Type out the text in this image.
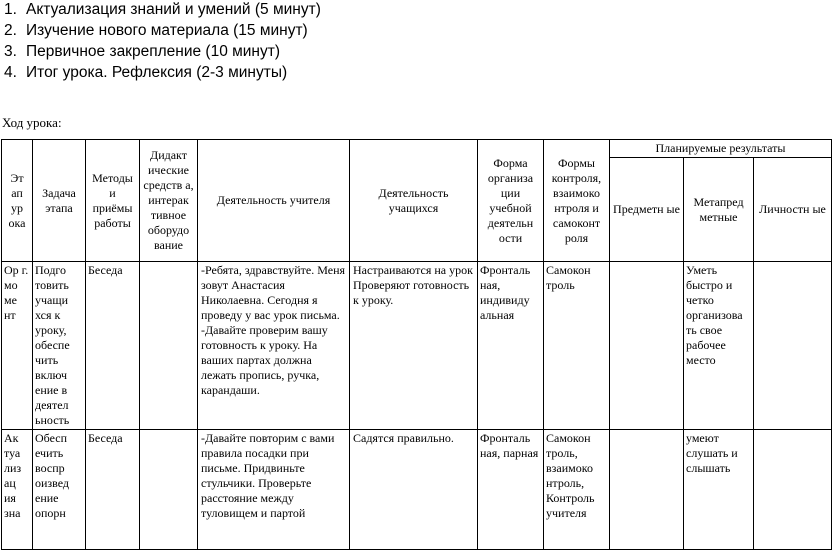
1. Актуализация знаний и умений (5 минут)
2. Изучение нового материала (15 минут)
3. Первичное закрепление (10 минут)
4. Итог урока. Рефлексия (2-3 минуты)
Ход урока:
Эт ап ур ока	Задача этапа	Методы и приёмы работы	Дидакт ические средств а, интерак тивное оборудо вание	Деятельность учителя	Деятельность учащихся	Форма организа ции учебной деятельн ости	Формы контроля, взаимоко нтроля и самоконт роля	Планируемые результаты		
								Предметн ые	Метапред метные	Личностн ые
Ор г. мо ме нт	Подго товить учащи хся к уроку, обеспе чить включ ение в деятел ьность	Беседа		-Ребята, здравствуйте. Меня зовут Анастасия Николаевна. Сегодня я проведу у вас урок письма. -Давайте проверим вашу готовность к уроку. На ваших партах должна лежать пропись, ручка, карандаши.	Настраиваются на урок Проверяют готовность к уроку.	Фронталь ная, индивиду альная	Самокон троль		Уметь быстро и четко организова ть свое рабочее место	
Ак туа лиз ац ия зна	Обесп ечить воспр оизвед ение опорн	Беседа		-Давайте повторим с вами правила посадки при письме. Придвиньте стульчики. Проверьте расстояние между туловищем и партой	Садятся правильно.	Фронталь ная, парная	Самокон троль, взаимоко нтроль, Контроль учителя		умеют слушать и слышать	
